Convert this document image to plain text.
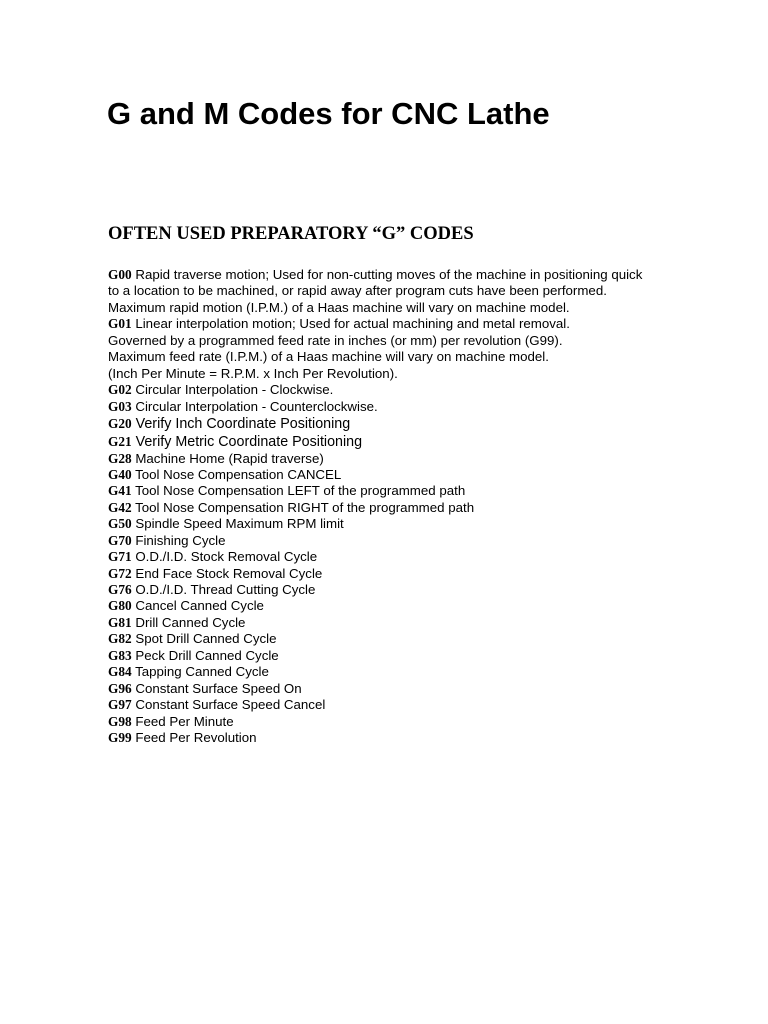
G and M Codes for CNC Lathe
OFTEN USED PREPARATORY “G” CODES
G00 Rapid traverse motion; Used for non-cutting moves of the machine in positioning quick
to a location to be machined, or rapid away after program cuts have been performed.
Maximum rapid motion (I.P.M.) of a Haas machine will vary on machine model.
G01 Linear interpolation motion; Used for actual machining and metal removal.
Governed by a programmed feed rate in inches (or mm) per revolution (G99).
Maximum feed rate (I.P.M.) of a Haas machine will vary on machine model.
(Inch Per Minute = R.P.M. x Inch Per Revolution).
G02 Circular Interpolation - Clockwise.
G03 Circular Interpolation - Counterclockwise.
G20 Verify Inch Coordinate Positioning
G21 Verify Metric Coordinate Positioning
G28 Machine Home (Rapid traverse)
G40 Tool Nose Compensation CANCEL
G41 Tool Nose Compensation LEFT of the programmed path
G42 Tool Nose Compensation RIGHT of the programmed path
G50 Spindle Speed Maximum RPM limit
G70 Finishing Cycle
G71 O.D./I.D. Stock Removal Cycle
G72 End Face Stock Removal Cycle
G76 O.D./I.D. Thread Cutting Cycle
G80 Cancel Canned Cycle
G81 Drill Canned Cycle
G82 Spot Drill Canned Cycle
G83 Peck Drill Canned Cycle
G84 Tapping Canned Cycle
G96 Constant Surface Speed On
G97 Constant Surface Speed Cancel
G98 Feed Per Minute
G99 Feed Per Revolution
